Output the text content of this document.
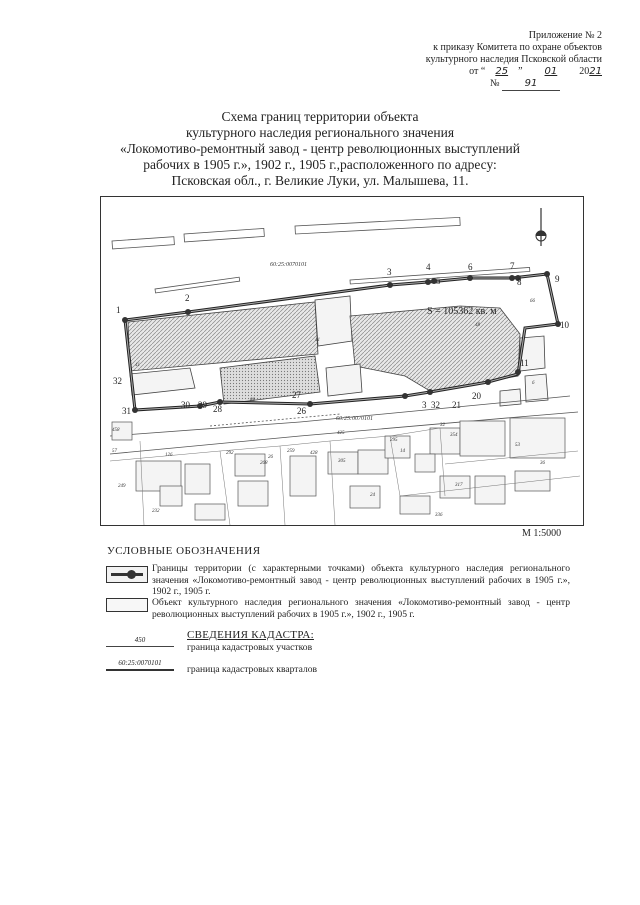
Приложение № 2
к приказу Комитета по охране объектов
культурного наследия Псковской области
от “ 25 ” 01 2021
№	91
Схема границ территории объекта
культурного наследия регионального значения
«Локомотиво-ремонтный завод - центр революционных выступлений
рабочих в 1905 г.», 1902 г., 1905 г.,расположенного по адресу:
Псковская обл., г. Великие Луки, ул. Малышева, 11.
1
2
3	4
5
6	7
8	9
10
11
21
20
32
3
26
27
28
29
30
31
32
S = 105362 кв. м
60:25:0070101
60:25:0070101
41
41
88
66
48
6
32
458
57
126
268	305
292
26
259	428
425
232
249
295
354
317
336
53
36
14
24
М 1:5000
УСЛОВНЫЕ ОБОЗНАЧЕНИЯ
Границы территории (с характерными точками) объекта культурного наследия регионального значения «Локомотиво-ремонтный завод - центр революционных выступлений рабочих в 1905 г.», 1902 г., 1905 г.
Объект культурного наследия регионального значения «Локомотиво-ремонтный завод - центр революционных выступлений рабочих в 1905 г.», 1902 г., 1905 г.
СВЕДЕНИЯ КАДАСТРА:
450
граница кадастровых участков
60:25:0070101
граница кадастровых кварталов
